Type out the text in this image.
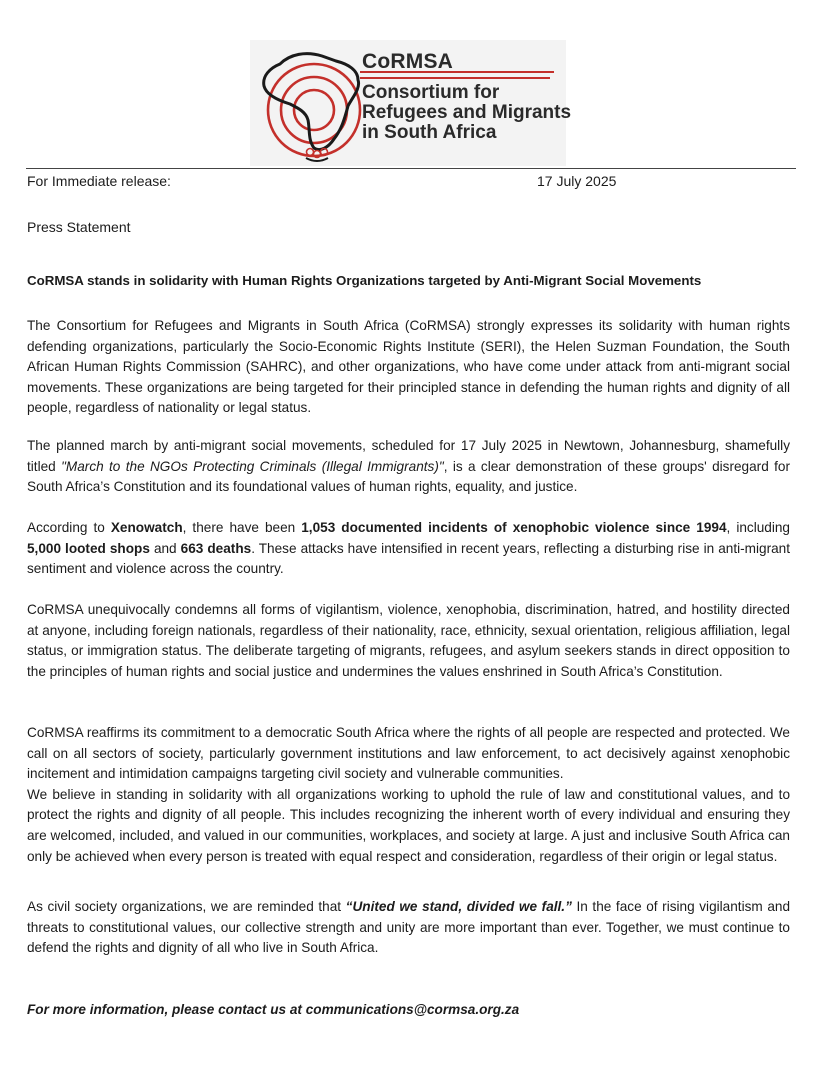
CoRMSA
Consortium for
Refugees and Migrants
in South Africa
For Immediate release:	17 July 2025
Press Statement
CoRMSA stands in solidarity with Human Rights Organizations targeted by Anti-Migrant Social Movements

The Consortium for Refugees and Migrants in South Africa (CoRMSA) strongly expresses its solidarity with human rights defending organizations, particularly the Socio-Economic Rights Institute (SERI), the Helen Suzman Foundation, the South African Human Rights Commission (SAHRC), and other organizations, who have come under attack from anti-migrant social movements. These organizations are being targeted for their principled stance in defending the human rights and dignity of all people, regardless of nationality or legal status.

The planned march by anti-migrant social movements, scheduled for 17 July 2025 in Newtown, Johannesburg, shamefully titled "March to the NGOs Protecting Criminals (Illegal Immigrants)", is a clear demonstration of these groups' disregard for South Africa’s Constitution and its foundational values of human rights, equality, and justice.

According to Xenowatch, there have been 1,053 documented incidents of xenophobic violence since 1994, including 5,000 looted shops and 663 deaths. These attacks have intensified in recent years, reflecting a disturbing rise in anti-migrant sentiment and violence across the country.

CoRMSA unequivocally condemns all forms of vigilantism, violence, xenophobia, discrimination, hatred, and hostility directed at anyone, including foreign nationals, regardless of their nationality, race, ethnicity, sexual orientation, religious affiliation, legal status, or immigration status. The deliberate targeting of migrants, refugees, and asylum seekers stands in direct opposition to the principles of human rights and social justice and undermines the values enshrined in South Africa’s Constitution.

CoRMSA reaffirms its commitment to a democratic South Africa where the rights of all people are respected and protected. We call on all sectors of society, particularly government institutions and law enforcement, to act decisively against xenophobic incitement and intimidation campaigns targeting civil society and vulnerable communities.

We believe in standing in solidarity with all organizations working to uphold the rule of law and constitutional values, and to protect the rights and dignity of all people. This includes recognizing the inherent worth of every individual and ensuring they are welcomed, included, and valued in our communities, workplaces, and society at large. A just and inclusive South Africa can only be achieved when every person is treated with equal respect and consideration, regardless of their origin or legal status.

As civil society organizations, we are reminded that “United we stand, divided we fall.” In the face of rising vigilantism and threats to constitutional values, our collective strength and unity are more important than ever. Together, we must continue to defend the rights and dignity of all who live in South Africa.

For more information, please contact us at communications@cormsa.org.za
